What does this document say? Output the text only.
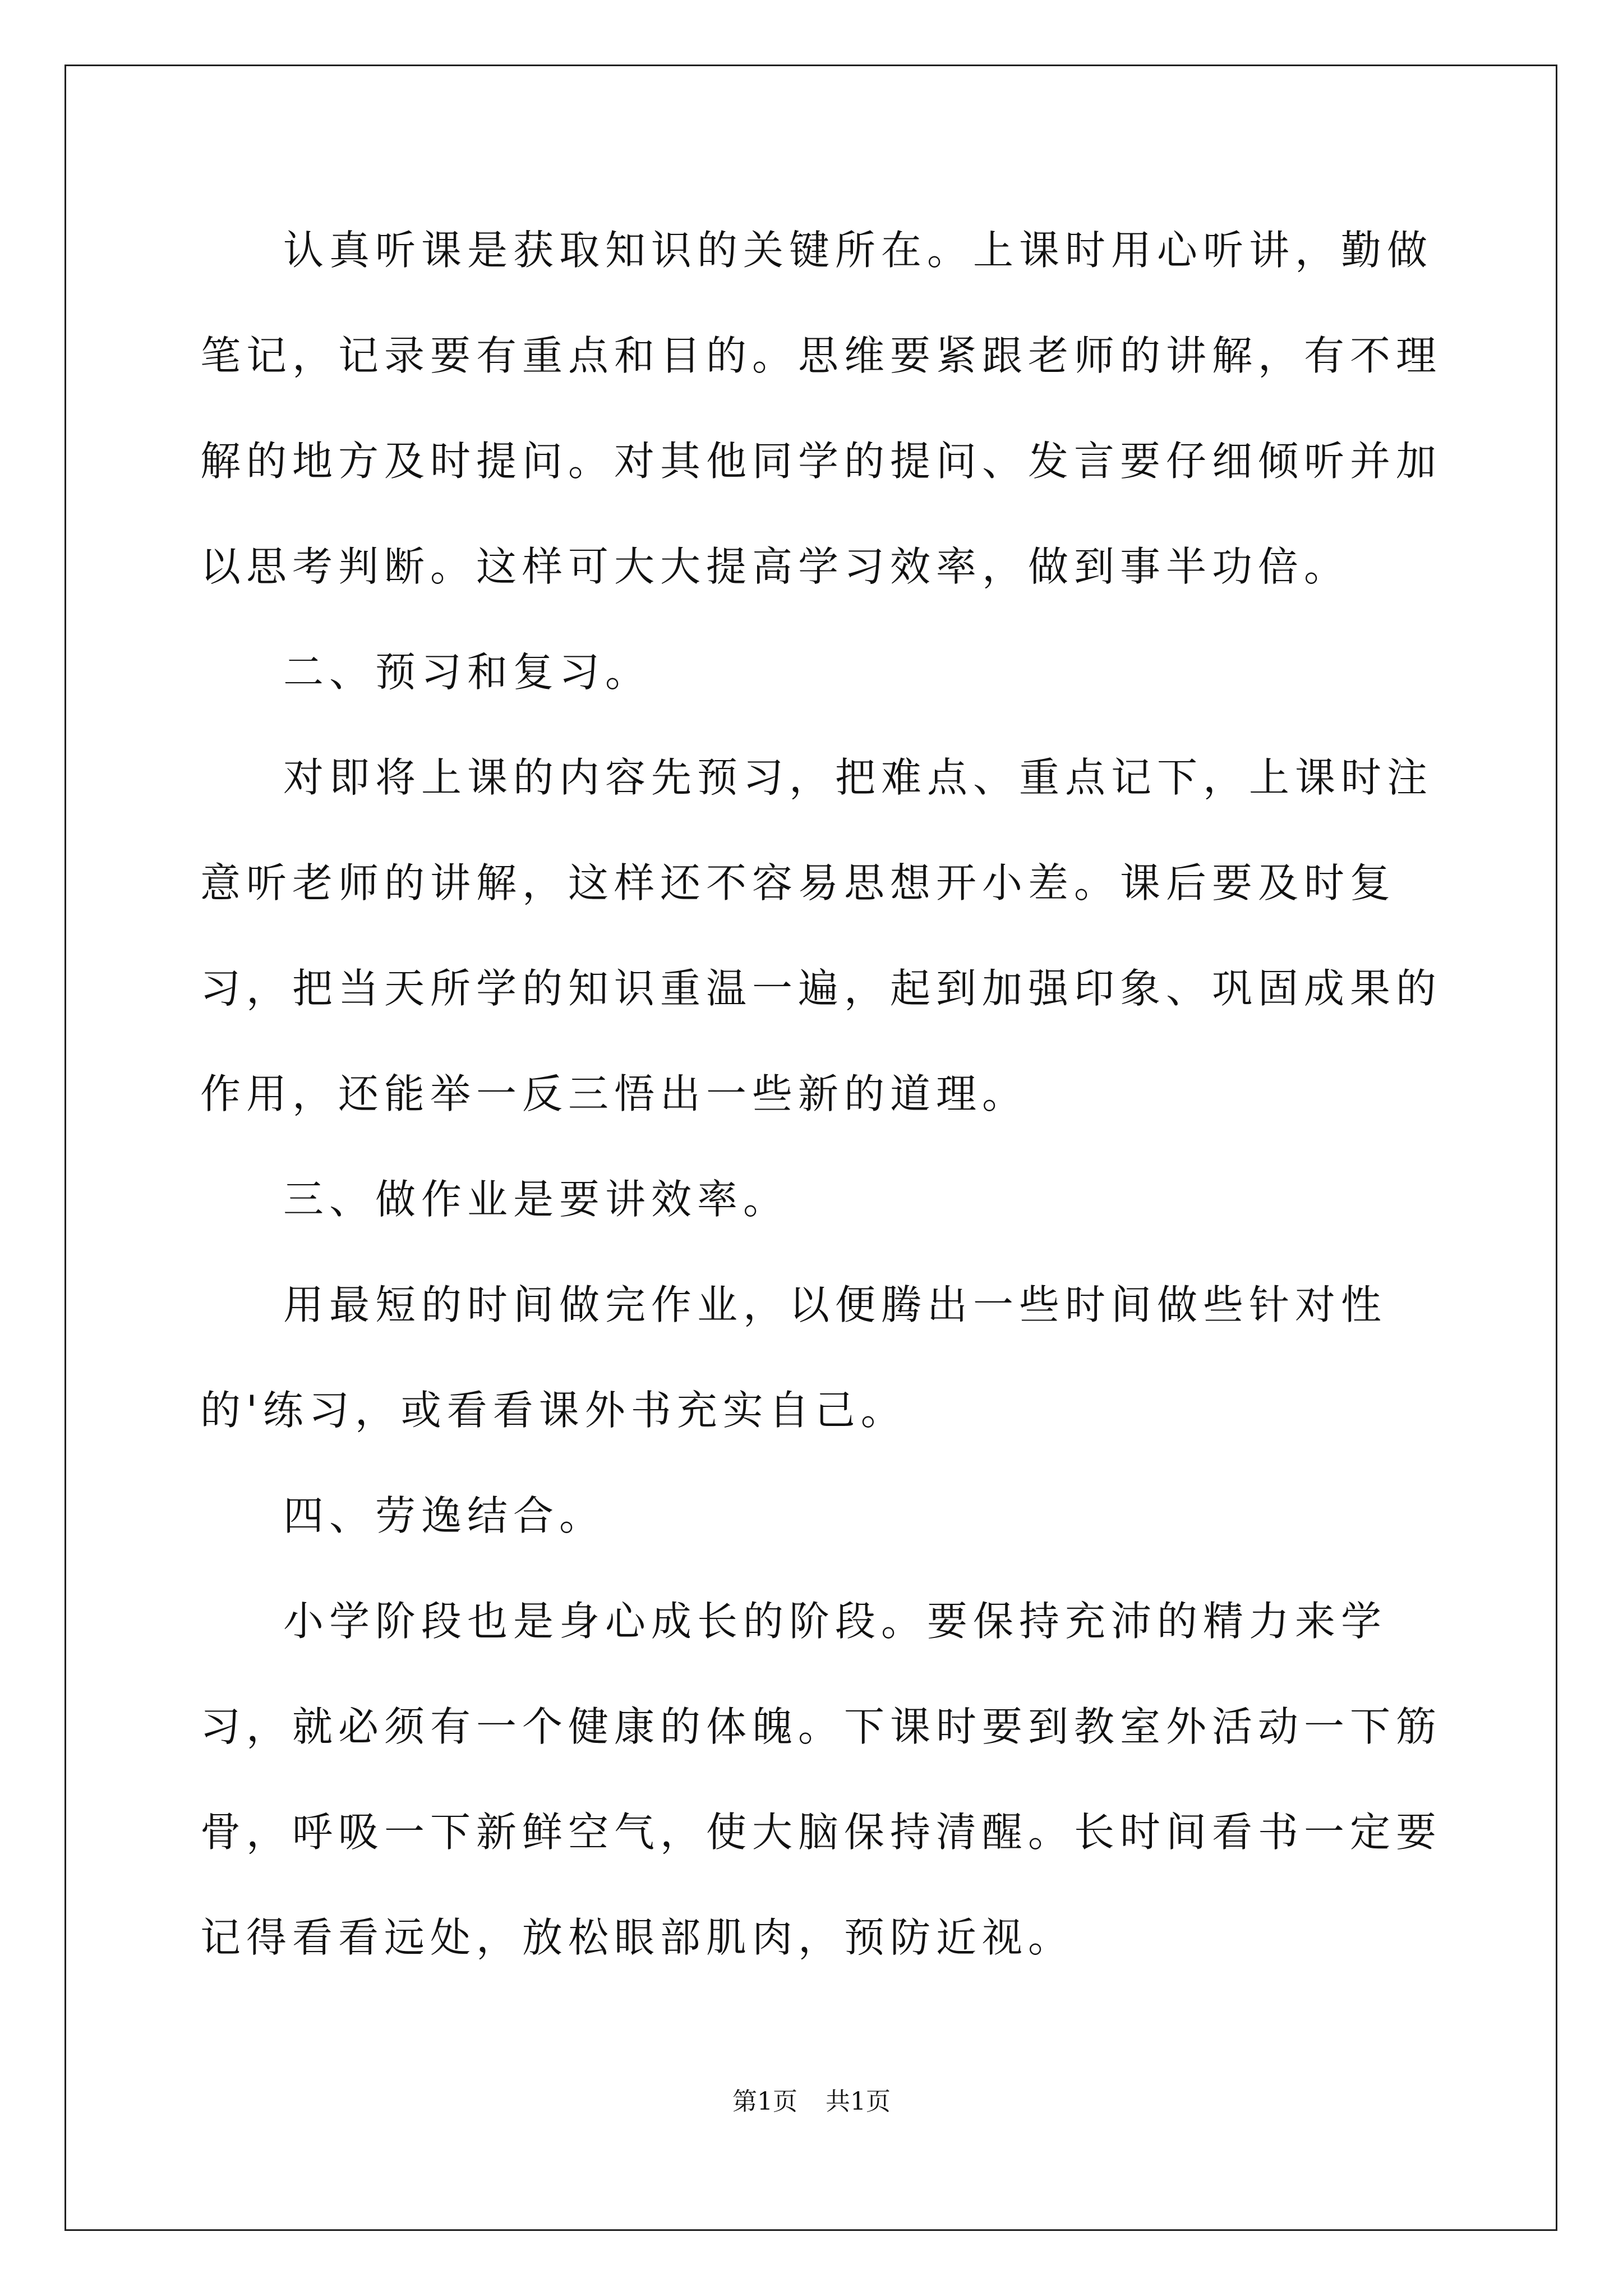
认真听课是获取知识的关键所在。上课时用心听讲，勤做笔记，记录要有重点和目的。思维要紧跟老师的讲解，有不理解的地方及时提问。对其他同学的提问、发言要仔细倾听并加以思考判断。这样可大大提高学习效率，做到事半功倍。

二、预习和复习。

对即将上课的内容先预习，把难点、重点记下，上课时注意听老师的讲解，这样还不容易思想开小差。课后要及时复习，把当天所学的知识重温一遍，起到加强印象、巩固成果的作用，还能举一反三悟出一些新的道理。

三、做作业是要讲效率。

用最短的时间做完作业，以便腾出一些时间做些针对性的'练习，或看看课外书充实自己。

四、劳逸结合。

小学阶段也是身心成长的阶段。要保持充沛的精力来学习，就必须有一个健康的体魄。下课时要到教室外活动一下筋骨，呼吸一下新鲜空气，使大脑保持清醒。长时间看书一定要记得看看远处，放松眼部肌肉，预防近视。

第1页 共1页
